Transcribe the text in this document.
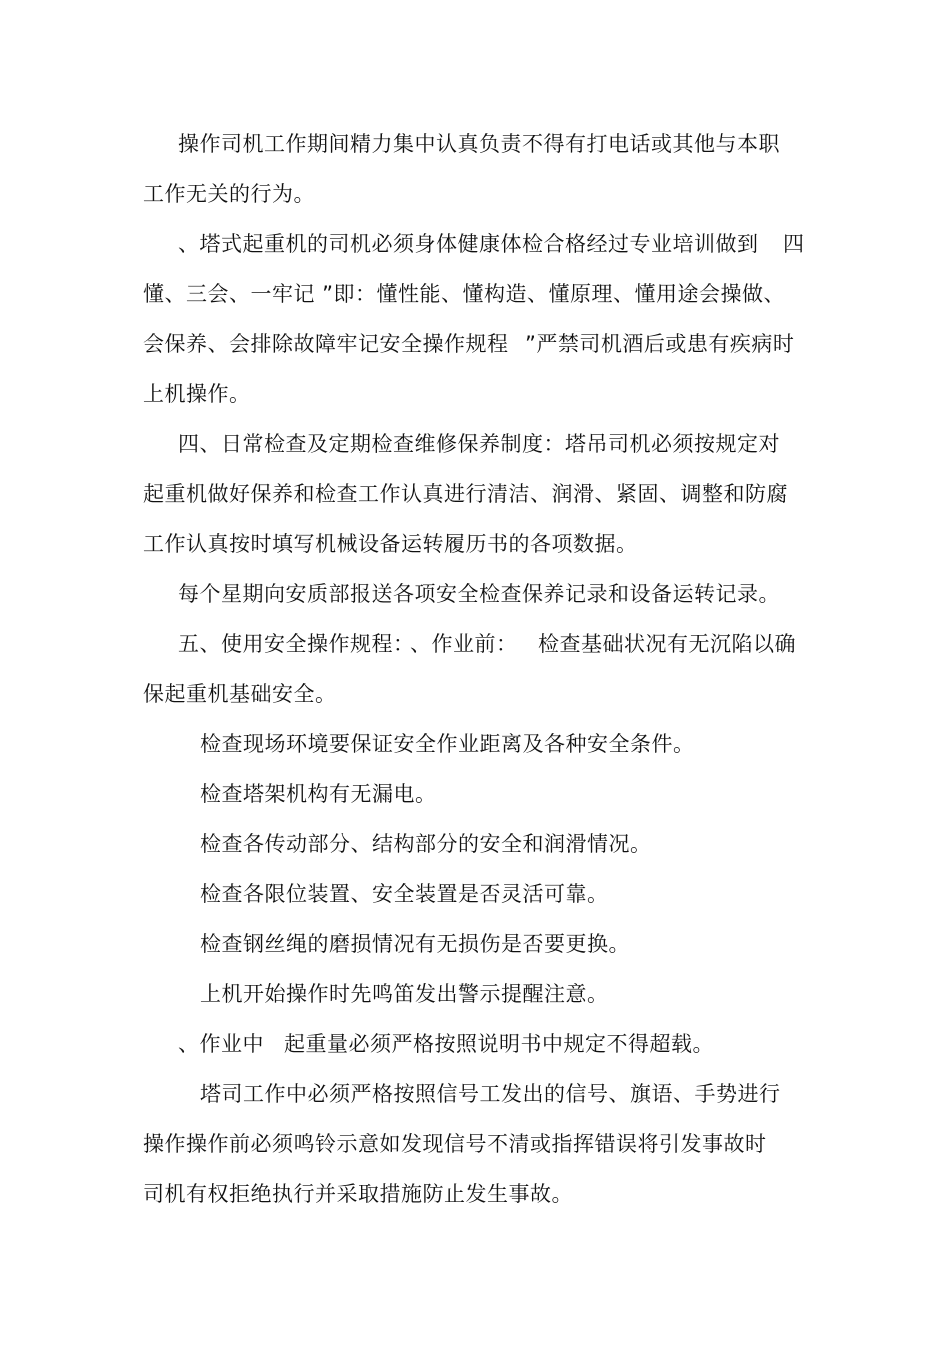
操作司机工作期间精力集中认真负责不得有打电话或其他与本职
工作无关的行为。
、塔式起重机的司机必须身体健康体检合格经过专业培训做到 四
懂、三会、一牢记 ”即：懂性能、懂构造、懂原理、懂用途会操做、
会保养、会排除故障牢记安全操作规程 ”严禁司机酒后或患有疾病时
上机操作。
四、日常检查及定期检查维修保养制度：塔吊司机必须按规定对
起重机做好保养和检查工作认真进行清洁、润滑、紧固、调整和防腐
工作认真按时填写机械设备运转履历书的各项数据。
每个星期向安质部报送各项安全检查保养记录和设备运转记录。
五、使用安全操作规程：
、作业前： 检查基础状况有无沉陷以确
保起重机基础安全。
检查现场环境要保证安全作业距离及各种安全条件。
检查塔架机构有无漏电。
检查各传动部分、结构部分的安全和润滑情况。
检查各限位装置、安全装置是否灵活可靠。
检查钢丝绳的磨损情况有无损伤是否要更换。
上机开始操作时先鸣笛发出警示提醒注意。
、作业中 起重量必须严格按照说明书中规定不得超载。
塔司工作中必须严格按照信号工发出的信号、旗语、手势进行
操作操作前必须鸣铃示意如发现信号不清或指挥错误将引发事故时
司机有权拒绝执行并采取措施防止发生事故。
